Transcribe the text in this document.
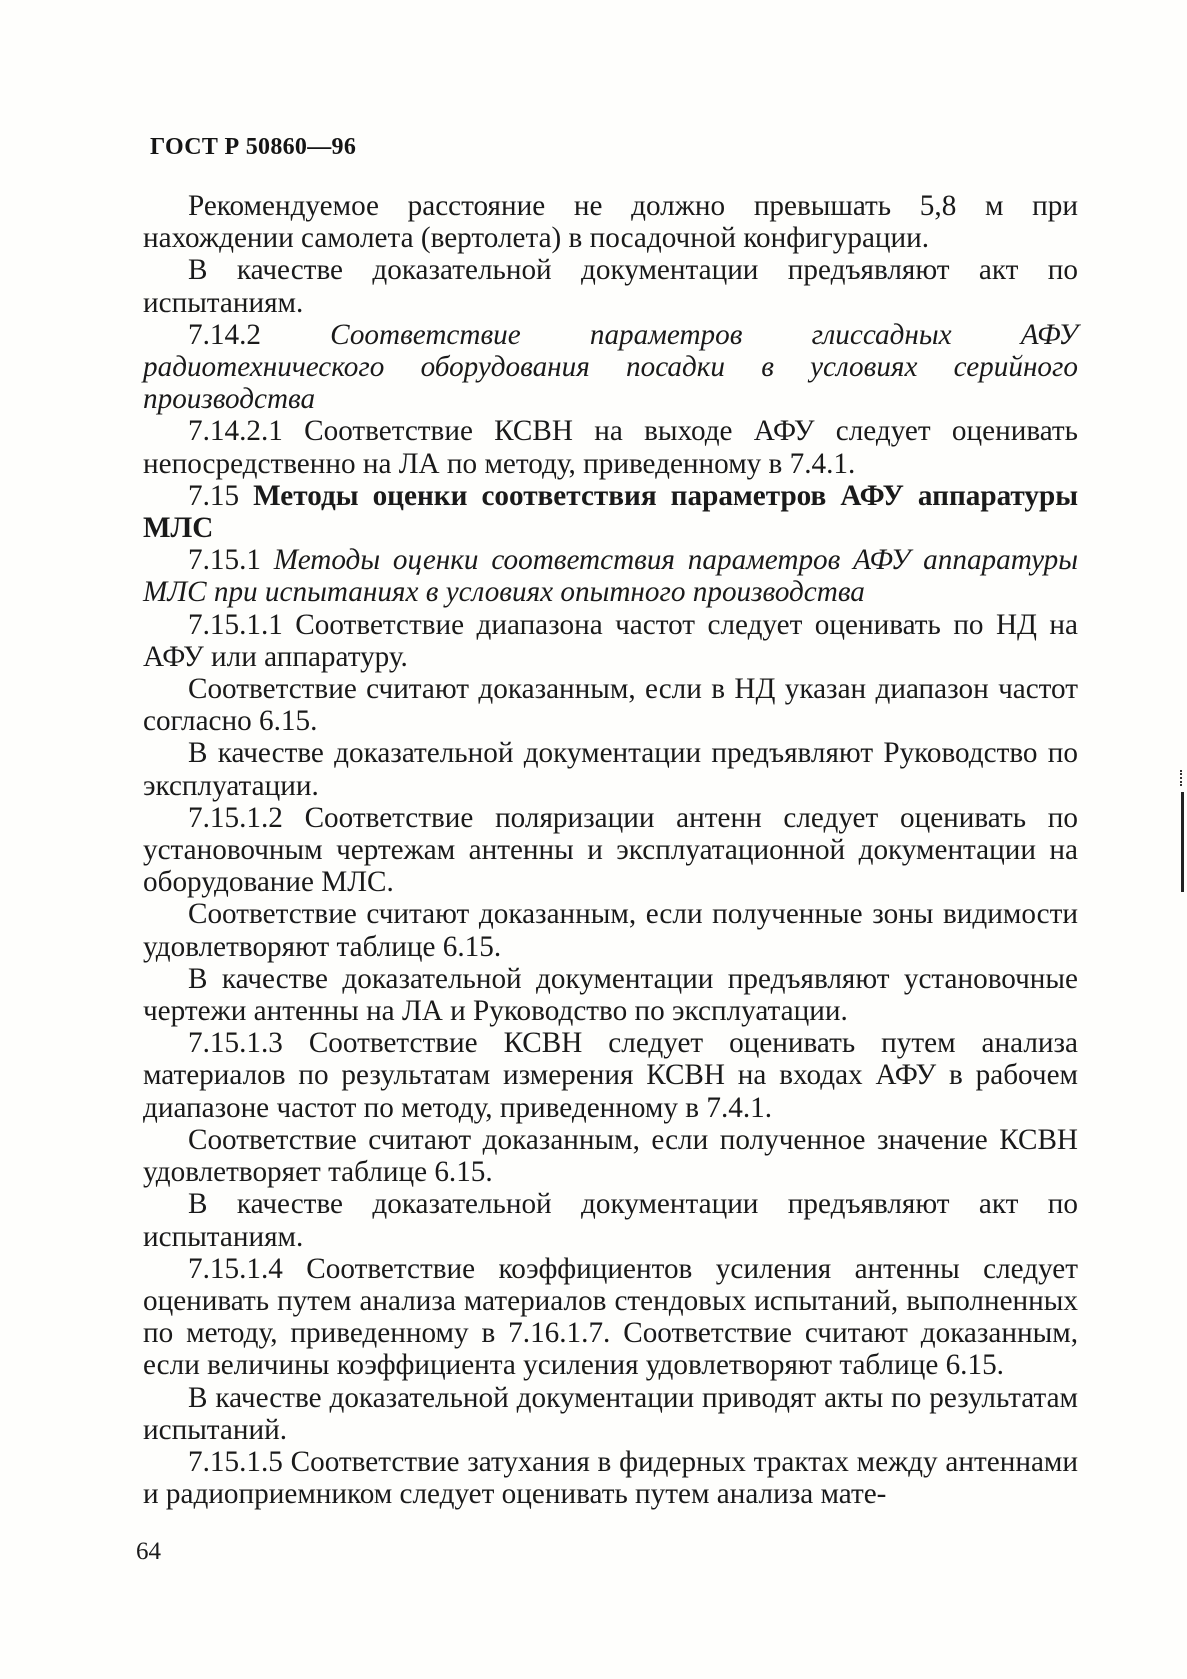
ГОСТ Р 50860—96

Рекомендуемое расстояние не должно превышать 5,8 м при нахождении самолета (вертолета) в посадочной конфигурации.

В качестве доказательной документации предъявляют акт по испытаниям.

7.14.2 Соответствие параметров глиссадных АФУ радиотехнического оборудования посадки в условиях серийного производства

7.14.2.1 Соответствие КСВН на выходе АФУ следует оценивать непосредственно на ЛА по методу, приведенному в 7.4.1.

7.15 Методы оценки соответствия параметров АФУ аппаратуры МЛС

7.15.1 Методы оценки соответствия параметров АФУ аппаратуры МЛС при испытаниях в условиях опытного производства

7.15.1.1 Соответствие диапазона частот следует оценивать по НД на АФУ или аппаратуру.

Соответствие считают доказанным, если в НД указан диапазон частот согласно 6.15.

В качестве доказательной документации предъявляют Руководство по эксплуатации.

7.15.1.2 Соответствие поляризации антенн следует оценивать по установочным чертежам антенны и эксплуатационной документации на оборудование МЛС.

Соответствие считают доказанным, если полученные зоны видимости удовлетворяют таблице 6.15.

В качестве доказательной документации предъявляют установочные чертежи антенны на ЛА и Руководство по эксплуатации.

7.15.1.3 Соответствие КСВН следует оценивать путем анализа материалов по результатам измерения КСВН на входах АФУ в рабочем диапазоне частот по методу, приведенному в 7.4.1.

Соответствие считают доказанным, если полученное значение КСВН удовлетворяет таблице 6.15.

В качестве доказательной документации предъявляют акт по испытаниям.

7.15.1.4 Соответствие коэффициентов усиления антенны следует оценивать путем анализа материалов стендовых испытаний, выполненных по методу, приведенному в 7.16.1.7. Соответствие считают доказанным, если величины коэффициента усиления удовлетворяют таблице 6.15.

В качестве доказательной документации приводят акты по результатам испытаний.

7.15.1.5 Соответствие затухания в фидерных трактах между антеннами и радиоприемником следует оценивать путем анализа мате-

64
